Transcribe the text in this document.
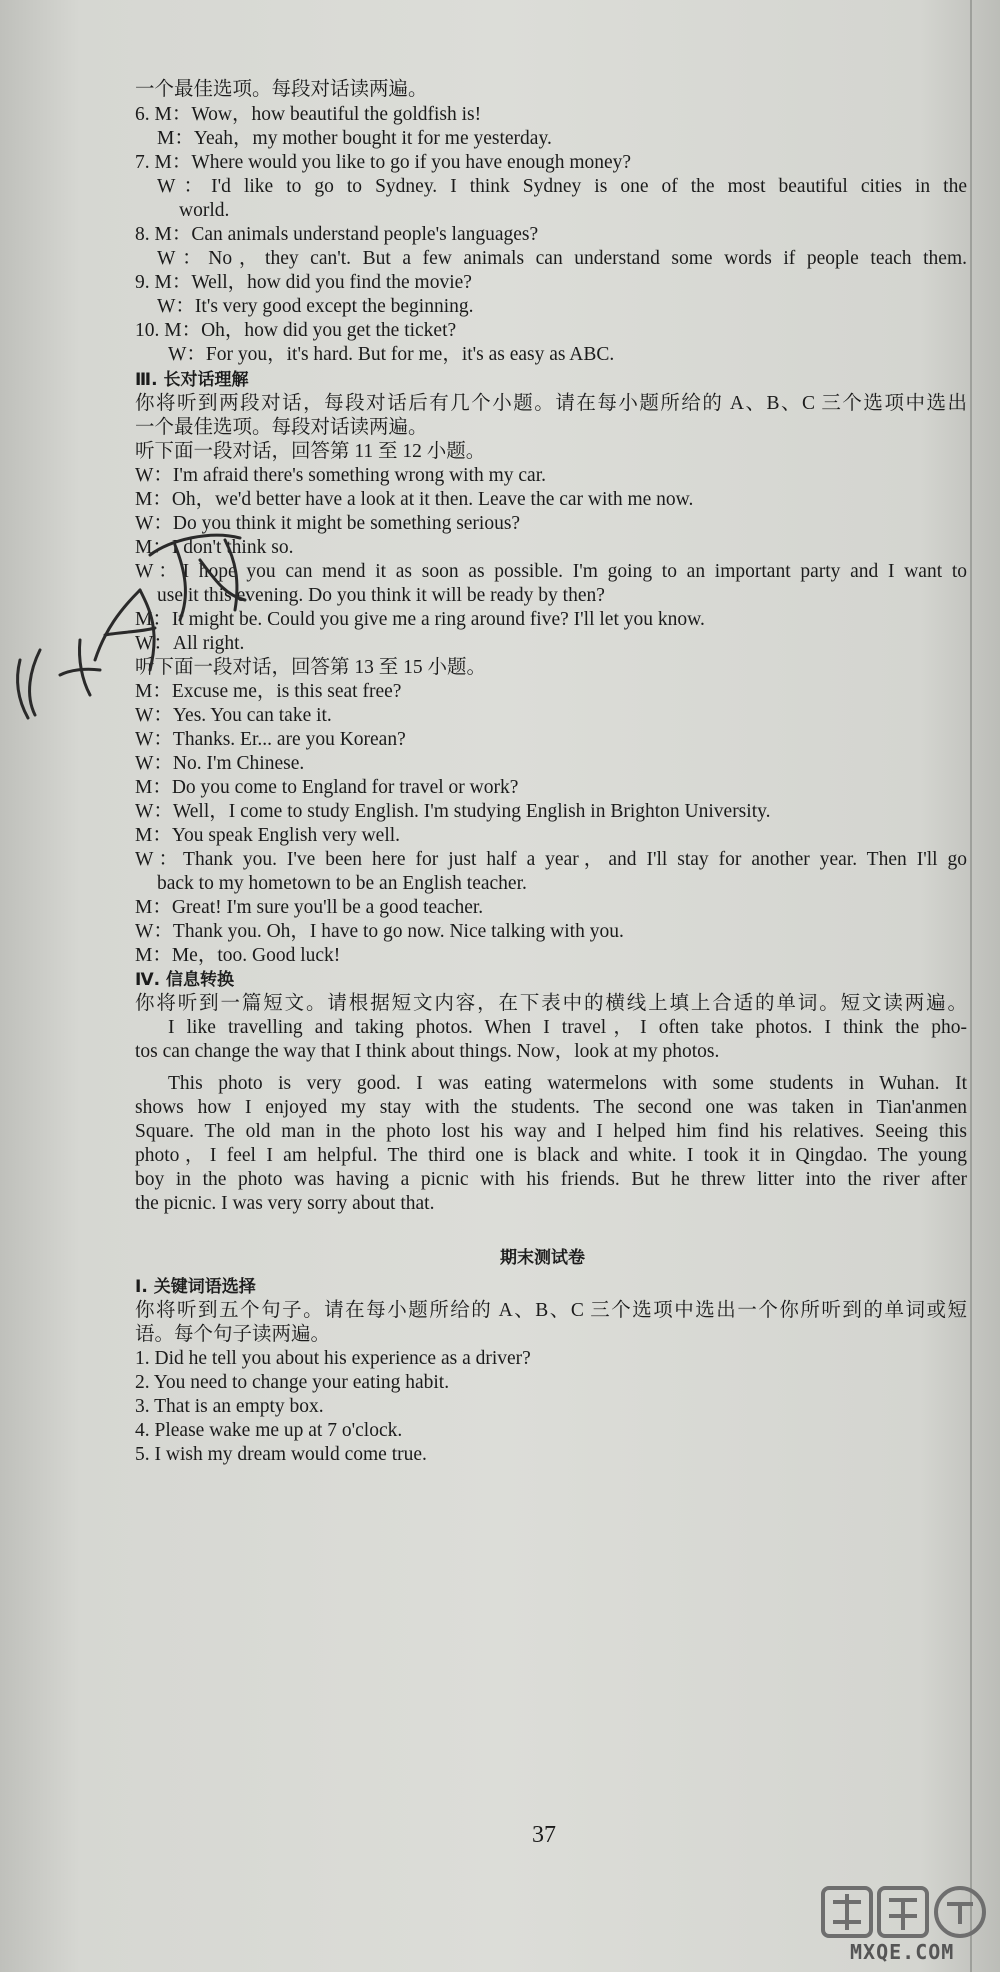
一个最佳选项。每段对话读两遍。
6. M：Wow，how beautiful the goldfish is!
M：Yeah，my mother bought it for me yesterday.
7. M：Where would you like to go if you have enough money?
W：I'd like to go to Sydney. I think Sydney is one of the most beautiful cities in the
world.
8. M：Can animals understand people's languages?
W：No，they can't. But a few animals can understand some words if people teach them.
9. M：Well，how did you find the movie?
W：It's very good except the beginning.
10. M：Oh，how did you get the ticket?
W：For you，it's hard. But for me，it's as easy as ABC.
Ⅲ. 长对话理解
你将听到两段对话，每段对话后有几个小题。请在每小题所给的 A、B、C 三个选项中选出
一个最佳选项。每段对话读两遍。
听下面一段对话，回答第 11 至 12 小题。
W：I'm afraid there's something wrong with my car.
M：Oh，we'd better have a look at it then. Leave the car with me now.
W：Do you think it might be something serious?
M：I don't think so.
W：I hope you can mend it as soon as possible. I'm going to an important party and I want to
use it this evening. Do you think it will be ready by then?
M：It might be. Could you give me a ring around five? I'll let you know.
W：All right.
听下面一段对话，回答第 13 至 15 小题。
M：Excuse me，is this seat free?
W：Yes. You can take it.
W：Thanks. Er... are you Korean?
W：No. I'm Chinese.
M：Do you come to England for travel or work?
W：Well，I come to study English. I'm studying English in Brighton University.
M：You speak English very well.
W：Thank you. I've been here for just half a year，and I'll stay for another year. Then I'll go
back to my hometown to be an English teacher.
M：Great! I'm sure you'll be a good teacher.
W：Thank you. Oh，I have to go now. Nice talking with you.
M：Me，too. Good luck!
Ⅳ. 信息转换
你将听到一篇短文。请根据短文内容，在下表中的横线上填上合适的单词。短文读两遍。
I like travelling and taking photos. When I travel，I often take photos. I think the pho-
tos can change the way that I think about things. Now，look at my photos.
This photo is very good. I was eating watermelons with some students in Wuhan. It
shows how I enjoyed my stay with the students. The second one was taken in Tian'anmen
Square. The old man in the photo lost his way and I helped him find his relatives. Seeing this
photo，I feel I am helpful. The third one is black and white. I took it in Qingdao. The young
boy in the photo was having a picnic with his friends. But he threw litter into the river after
the picnic. I was very sorry about that.
期末测试卷
Ⅰ. 关键词语选择
你将听到五个句子。请在每小题所给的 A、B、C 三个选项中选出一个你所听到的单词或短
语。每个句子读两遍。
1. Did he tell you about his experience as a driver?
2. You need to change your eating habit.
3. That is an empty box.
4. Please wake me up at 7 o'clock.
5. I wish my dream would come true.
37
MXQE.COM
